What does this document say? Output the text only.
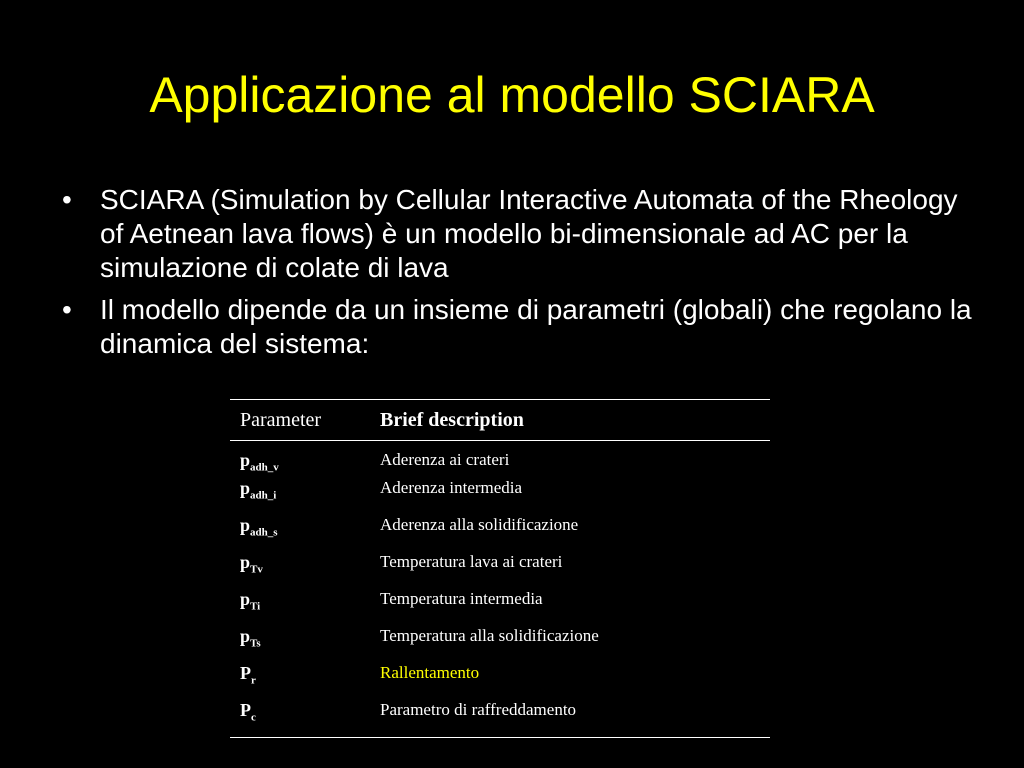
Applicazione al modello SCIARA
• SCIARA (Simulation by Cellular Interactive Automata of the Rheology of Aetnean lava flows) è un modello bi-dimensionale ad AC per la simulazione di colate di lava
• Il modello dipende da un insieme di parametri (globali) che regolano la dinamica del sistema:
Parameter	Brief description
$p_{adh\_v}$	Aderenza ai crateri
$p_{adh\_i}$	Aderenza intermedia
$p_{adh\_s}$	Aderenza alla solidificazione
$p_{Tv}$	Temperatura lava ai crateri
$p_{Ti}$	Temperatura intermedia
$p_{Ts}$	Temperatura alla solidificazione
$P_r$	Rallentamento
$P_c$	Parametro di raffreddamento
